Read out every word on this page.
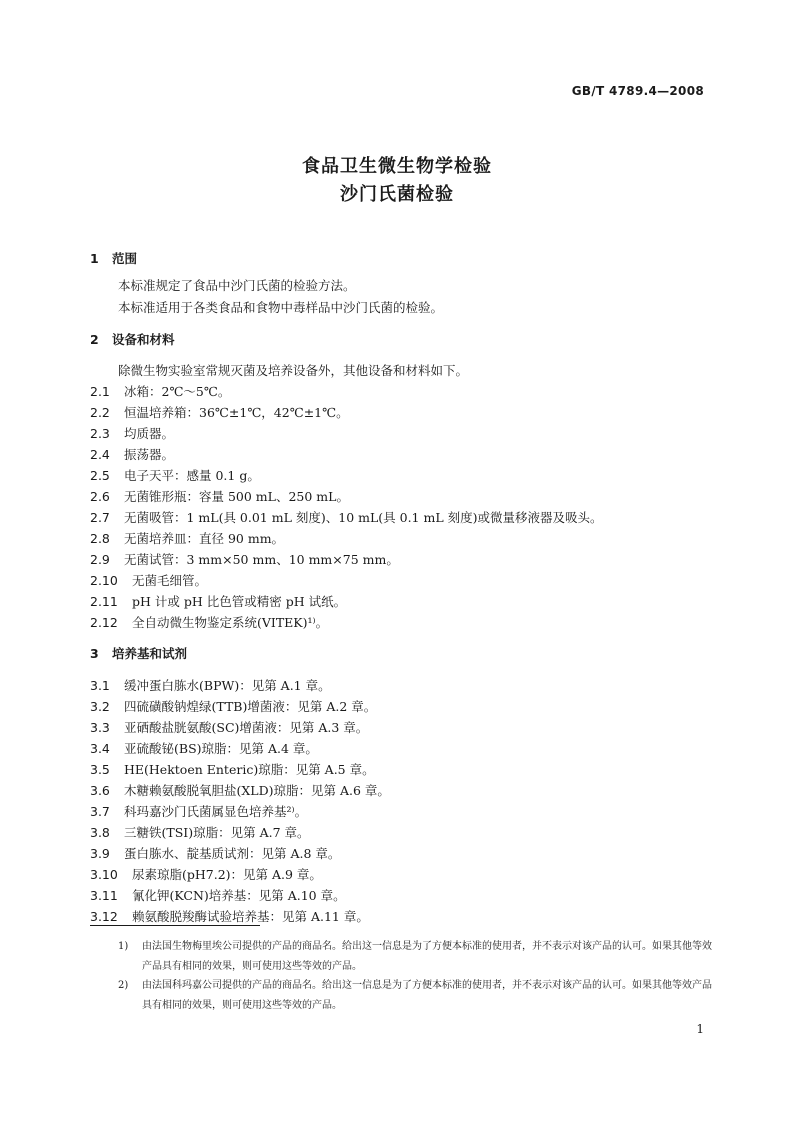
GB/T 4789.4—2008
食品卫生微生物学检验
沙门氏菌检验
1 范围
本标准规定了食品中沙门氏菌的检验方法。
本标准适用于各类食品和食物中毒样品中沙门氏菌的检验。
2 设备和材料
除微生物实验室常规灭菌及培养设备外，其他设备和材料如下。
2.1 冰箱：2℃～5℃。
2.2 恒温培养箱：36℃±1℃，42℃±1℃。
2.3 均质器。
2.4 振荡器。
2.5 电子天平：感量 0.1 g。
2.6 无菌锥形瓶：容量 500 mL、250 mL。
2.7 无菌吸管：1 mL(具 0.01 mL 刻度)、10 mL(具 0.1 mL 刻度)或微量移液器及吸头。
2.8 无菌培养皿：直径 90 mm。
2.9 无菌试管：3 mm×50 mm、10 mm×75 mm。
2.10 无菌毛细管。
2.11 pH 计或 pH 比色管或精密 pH 试纸。
2.12 全自动微生物鉴定系统(VITEK)¹⁾。
3 培养基和试剂
3.1 缓冲蛋白胨水(BPW)：见第 A.1 章。
3.2 四硫磺酸钠煌绿(TTB)增菌液：见第 A.2 章。
3.3 亚硒酸盐胱氨酸(SC)增菌液：见第 A.3 章。
3.4 亚硫酸铋(BS)琼脂：见第 A.4 章。
3.5 HE(Hektoen Enteric)琼脂：见第 A.5 章。
3.6 木糖赖氨酸脱氧胆盐(XLD)琼脂：见第 A.6 章。
3.7 科玛嘉沙门氏菌属显色培养基²⁾。
3.8 三糖铁(TSI)琼脂：见第 A.7 章。
3.9 蛋白胨水、靛基质试剂：见第 A.8 章。
3.10 尿素琼脂(pH7.2)：见第 A.9 章。
3.11 氰化钾(KCN)培养基：见第 A.10 章。
3.12 赖氨酸脱羧酶试验培养基：见第 A.11 章。
1)	由法国生物梅里埃公司提供的产品的商品名。给出这一信息是为了方便本标准的使用者，并不表示对该产品的认可。如果其他等效产品具有相同的效果，则可使用这些等效的产品。
2)	由法国科玛嘉公司提供的产品的商品名。给出这一信息是为了方便本标准的使用者，并不表示对该产品的认可。如果其他等效产品具有相同的效果，则可使用这些等效的产品。
1
